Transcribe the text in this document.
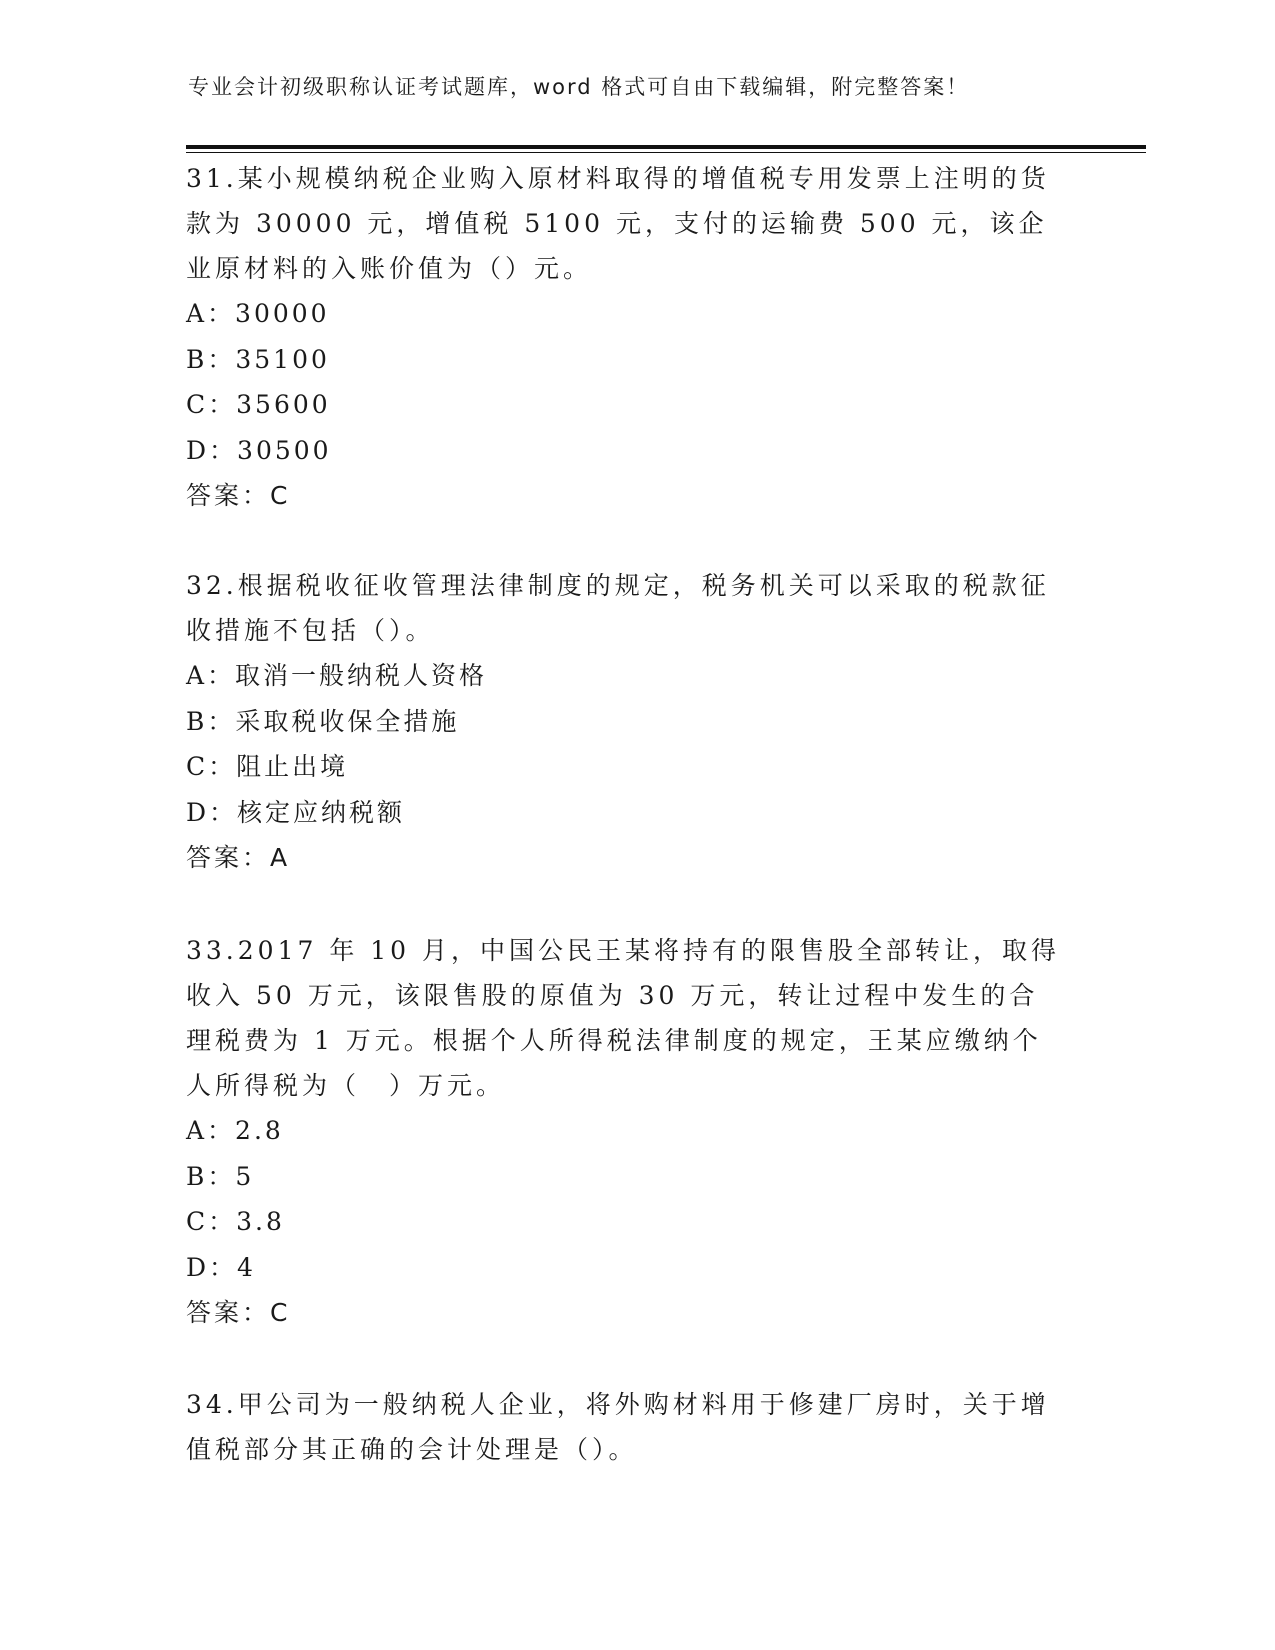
专业会计初级职称认证考试题库，word 格式可自由下载编辑，附完整答案！

31.某小规模纳税企业购入原材料取得的增值税专用发票上注明的货款为 30000 元，增值税 5100 元，支付的运输费 500 元，该企业原材料的入账价值为（）元。

A：30000

B：35100

C：35600

D：30500

答案：C

32.根据税收征收管理法律制度的规定，税务机关可以采取的税款征收措施不包括（）。

A：取消一般纳税人资格

B：采取税收保全措施

C：阻止出境

D：核定应纳税额

答案：A

33.2017 年 10 月，中国公民王某将持有的限售股全部转让，取得收入 50 万元，该限售股的原值为 30 万元，转让过程中发生的合理税费为 1 万元。根据个人所得税法律制度的规定，王某应缴纳个人所得税为（　）万元。

A：2.8

B：5

C：3.8

D：4

答案：C

34.甲公司为一般纳税人企业，将外购材料用于修建厂房时，关于增值税部分其正确的会计处理是（）。
